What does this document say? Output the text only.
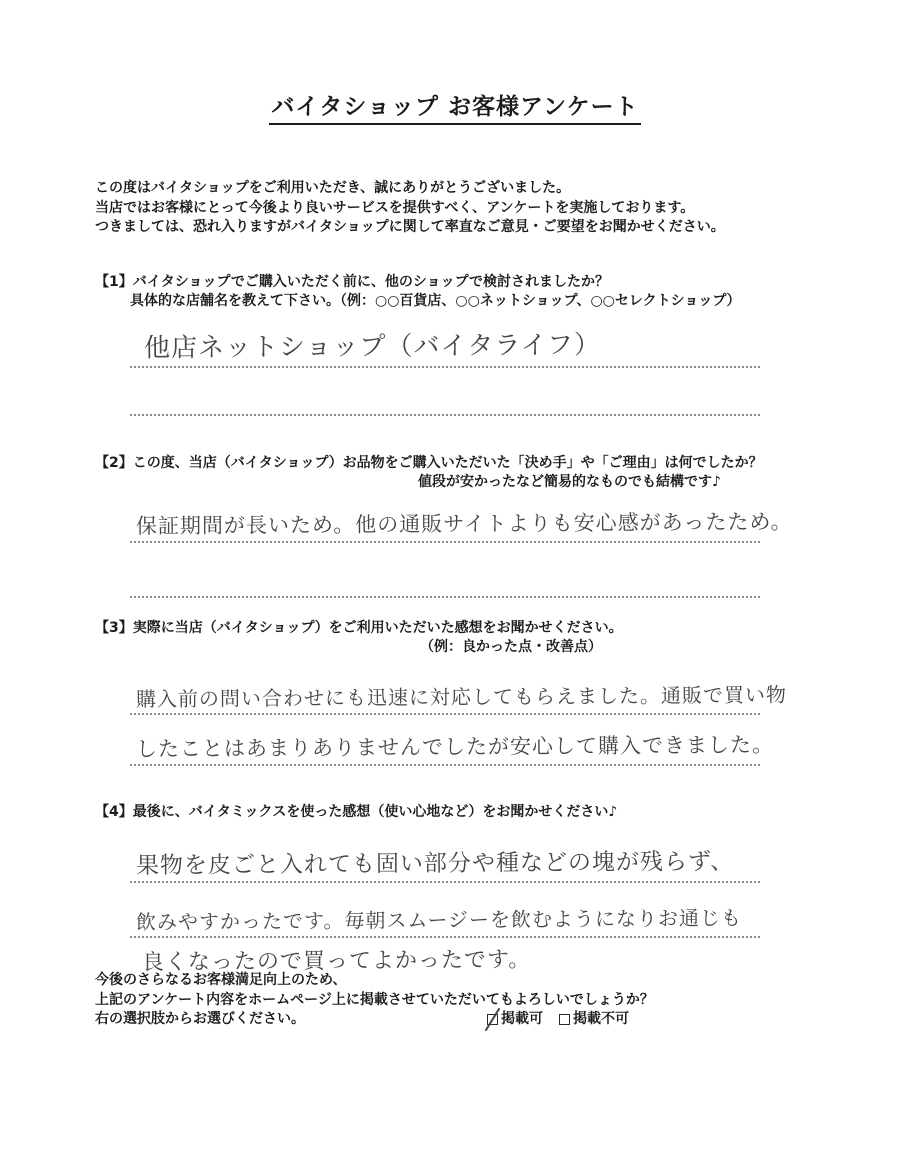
バイタショップ お客様アンケート
この度はバイタショップをご利用いただき、誠にありがとうございました。
当店ではお客様にとって今後より良いサービスを提供すべく、アンケートを実施しております。
つきましては、恐れ入りますがバイタショップに関して率直なご意見・ご要望をお聞かせください。
【1】バイタショップでご購入いただく前に、他のショップで検討されましたか？
具体的な店舗名を教えて下さい。（例：○○百貨店、○○ネットショップ、○○セレクトショップ）
他店ネットショップ（バイタライフ）
【2】この度、当店（バイタショップ）お品物をご購入いただいた「決め手」や「ご理由」は何でしたか？
値段が安かったなど簡易的なものでも結構です♪
保証期間が長いため。他の通販サイトよりも安心感があったため。
【3】実際に当店（バイタショップ）をご利用いただいた感想をお聞かせください。
（例：良かった点・改善点）
購入前の問い合わせにも迅速に対応してもらえました。通販で買い物
したことはあまりありませんでしたが安心して購入できました。
【4】最後に、バイタミックスを使った感想（使い心地など）をお聞かせください♪
果物を皮ごと入れても固い部分や種などの塊が残らず、
飲みやすかったです。毎朝スムージーを飲むようになりお通じも
良くなったので買ってよかったです。
今後のさらなるお客様満足向上のため、
上記のアンケート内容をホームページ上に掲載させていただいてもよろしいでしょうか？
右の選択肢からお選びください。	掲載可 掲載不可
